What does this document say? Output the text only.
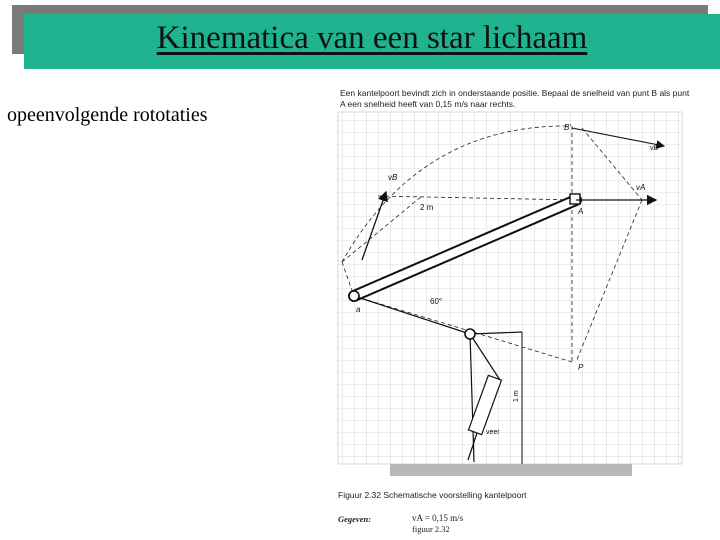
Kinematica van een star lichaam
opeenvolgende rototaties
Een kantelpoort bevindt zich in onderstaande positie. Bepaal de snelheid van punt B als punt A een snelheid heeft van 0,15 m/s naar rechts.
A
a
B'
vB
vA
vB
2 m
60°
P
veer
1 m
Figuur 2.32 Schematische voorstelling kantelpoort
Gegeven:	vA = 0,15 m/s
figuur 2.32
